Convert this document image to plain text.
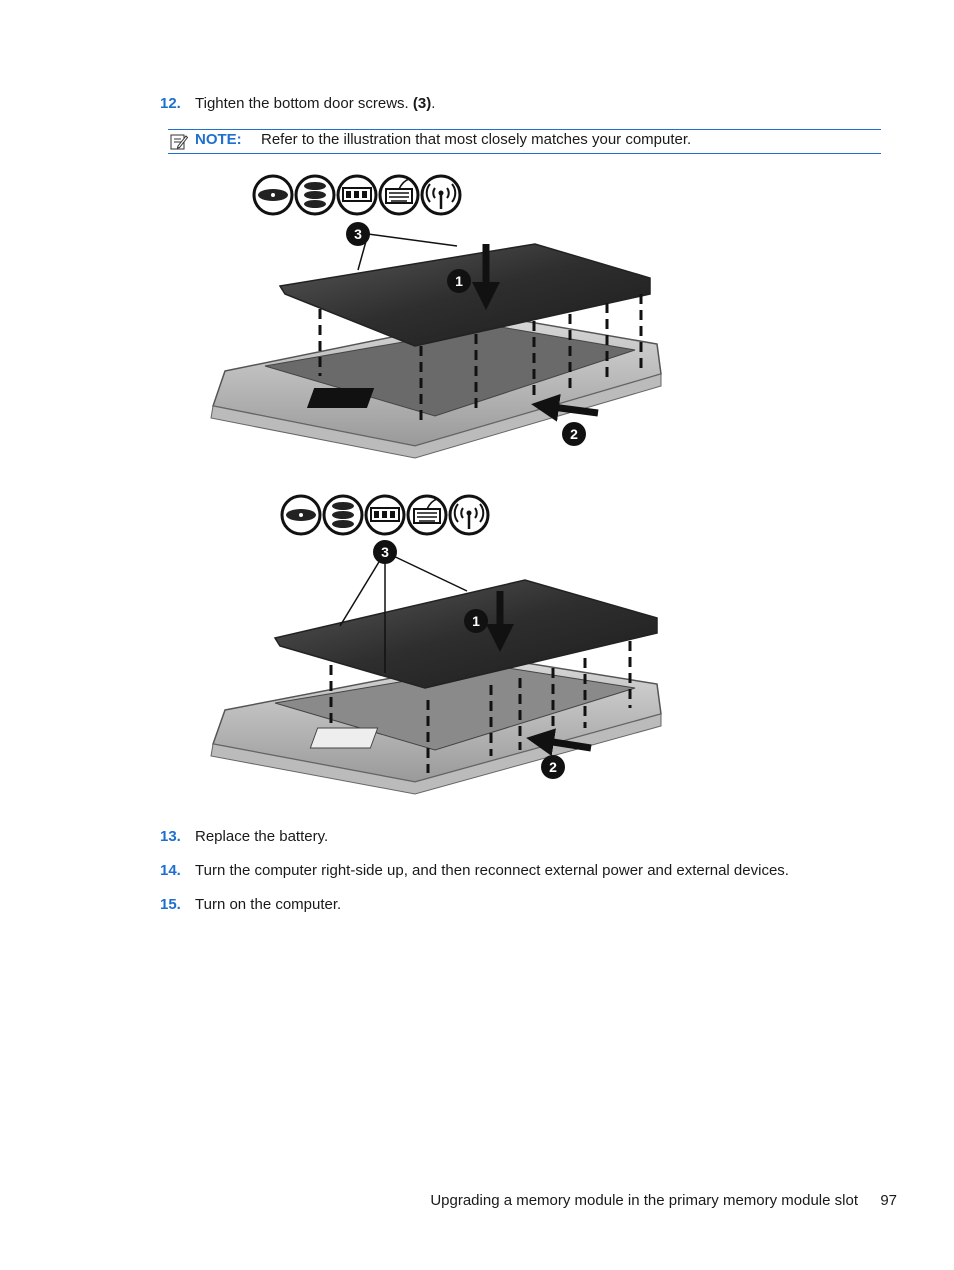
12. Tighten the bottom door screws. (3).
NOTE: Refer to the illustration that most closely matches your computer.
3
1
2
3
1
2
13. Replace the battery.
14. Turn the computer right-side up, and then reconnect external power and external devices.
15. Turn on the computer.
Upgrading a memory module in the primary memory module slot 97
